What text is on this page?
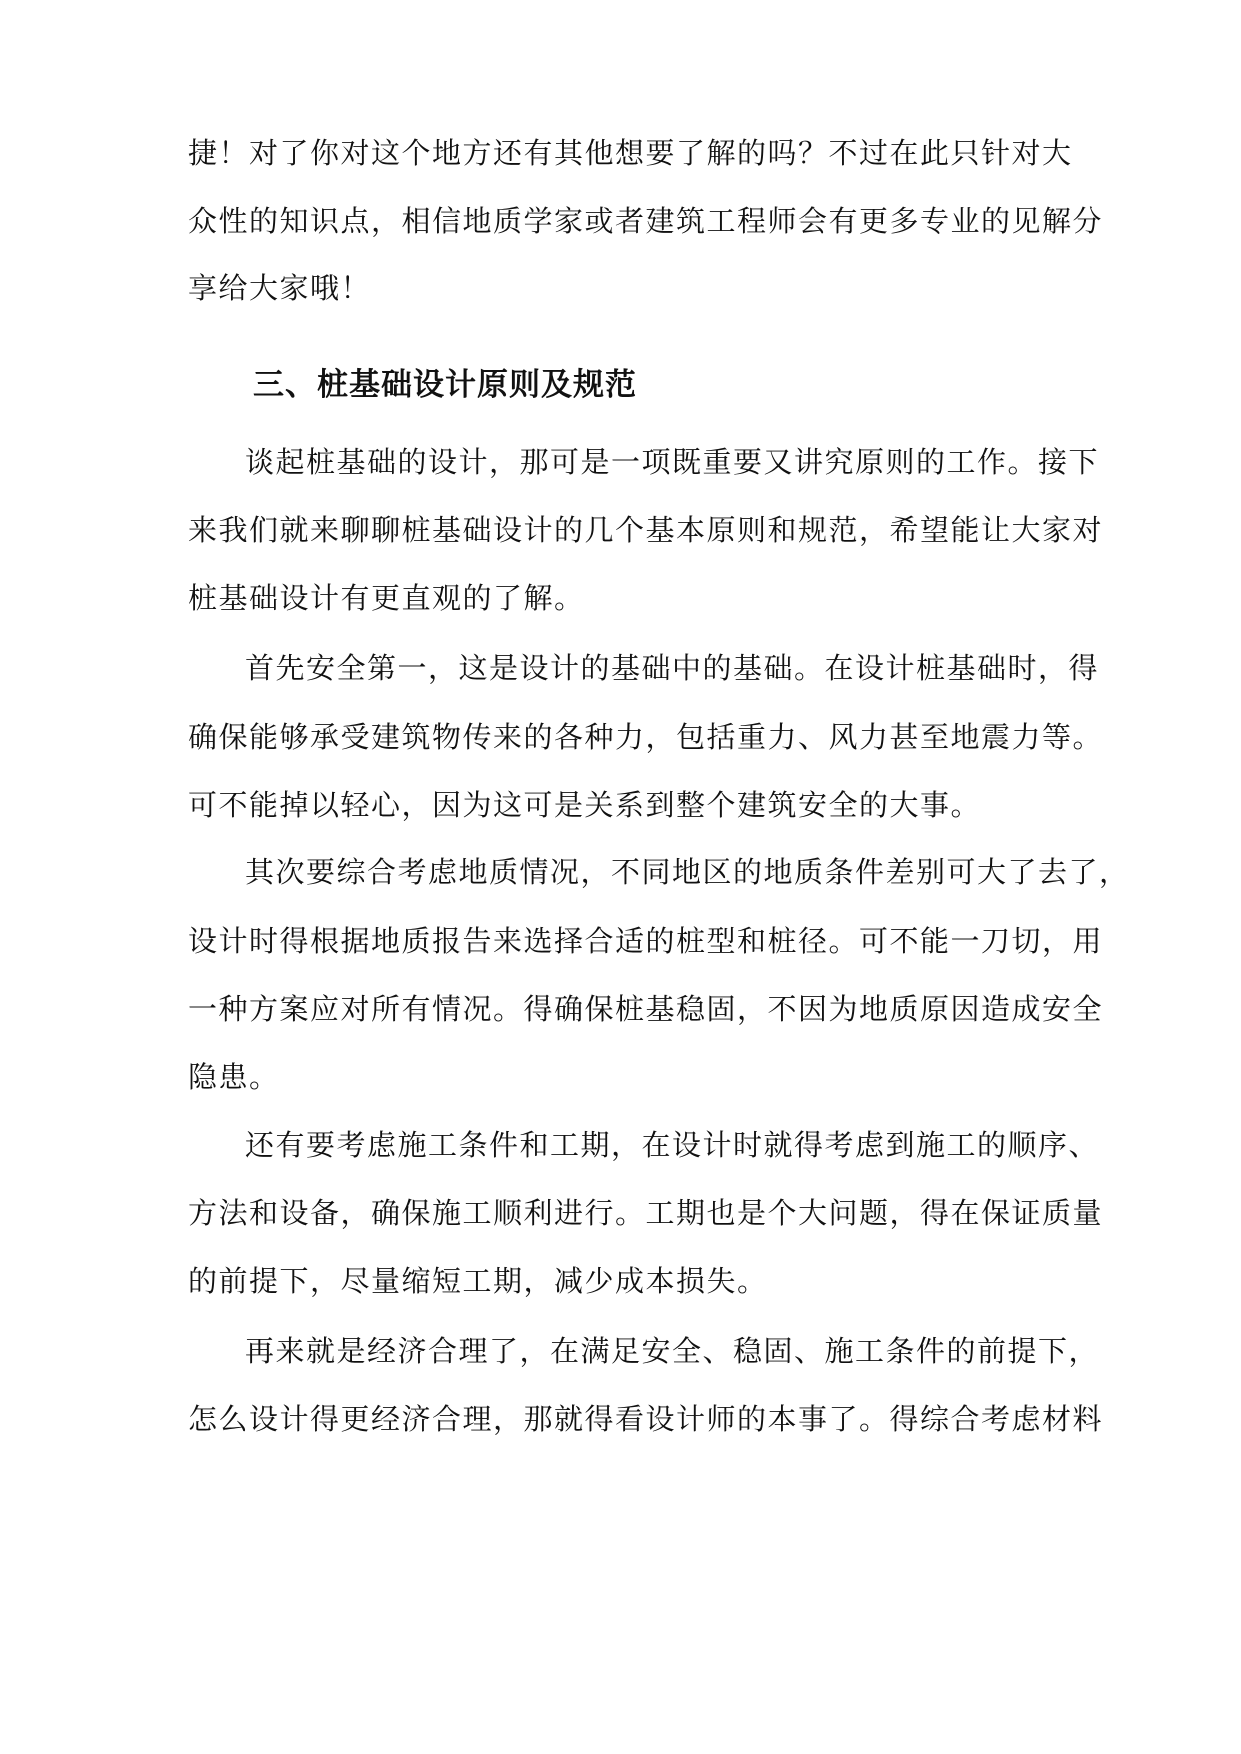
捷！对了你对这个地方还有其他想要了解的吗？不过在此只针对大
众性的知识点，相信地质学家或者建筑工程师会有更多专业的见解分
享给大家哦！
三、桩基础设计原则及规范
谈起桩基础的设计，那可是一项既重要又讲究原则的工作。接下
来我们就来聊聊桩基础设计的几个基本原则和规范，希望能让大家对
桩基础设计有更直观的了解。
首先安全第一，这是设计的基础中的基础。在设计桩基础时，得
确保能够承受建筑物传来的各种力，包括重力、风力甚至地震力等。
可不能掉以轻心，因为这可是关系到整个建筑安全的大事。
其次要综合考虑地质情况，不同地区的地质条件差别可大了去了，
设计时得根据地质报告来选择合适的桩型和桩径。可不能一刀切，用
一种方案应对所有情况。得确保桩基稳固，不因为地质原因造成安全
隐患。
还有要考虑施工条件和工期，在设计时就得考虑到施工的顺序、
方法和设备，确保施工顺利进行。工期也是个大问题，得在保证质量
的前提下，尽量缩短工期，减少成本损失。
再来就是经济合理了，在满足安全、稳固、施工条件的前提下，
怎么设计得更经济合理，那就得看设计师的本事了。得综合考虑材料
